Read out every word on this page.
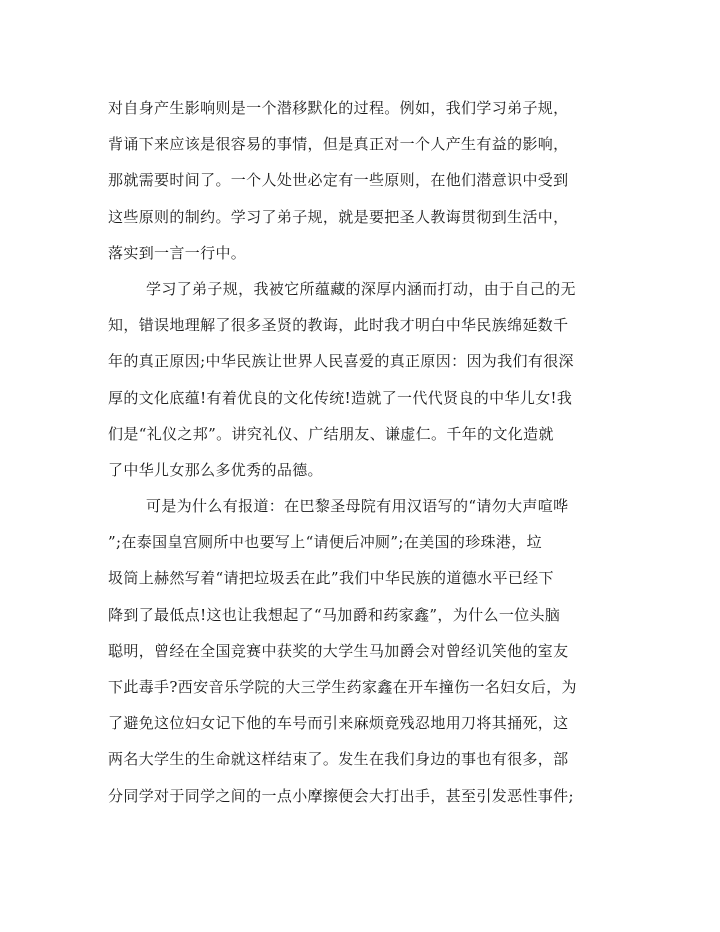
对自身产生影响则是一个潜移默化的过程。例如，我们学习弟子规，
背诵下来应该是很容易的事情，但是真正对一个人产生有益的影响，
那就需要时间了。一个人处世必定有一些原则，在他们潜意识中受到
这些原则的制约。学习了弟子规，就是要把圣人教诲贯彻到生活中，
落实到一言一行中。
学习了弟子规，我被它所蕴藏的深厚内涵而打动，由于自己的无
知，错误地理解了很多圣贤的教诲，此时我才明白中华民族绵延数千
年的真正原因;中华民族让世界人民喜爱的真正原因：因为我们有很深
厚的文化底蕴!有着优良的文化传统!造就了一代代贤良的中华儿女!我
们是“礼仪之邦”。讲究礼仪、广结朋友、谦虚仁。千年的文化造就
了中华儿女那么多优秀的品德。
可是为什么有报道：在巴黎圣母院有用汉语写的“请勿大声喧哗
”;在泰国皇宫厕所中也要写上“请便后冲厕”;在美国的珍珠港，垃
圾筒上赫然写着“请把垃圾丢在此”我们中华民族的道德水平已经下
降到了最低点!这也让我想起了“马加爵和药家鑫”，为什么一位头脑
聪明，曾经在全国竞赛中获奖的大学生马加爵会对曾经讥笑他的室友
下此毒手?西安音乐学院的大三学生药家鑫在开车撞伤一名妇女后，为
了避免这位妇女记下他的车号而引来麻烦竟残忍地用刀将其捅死，这
两名大学生的生命就这样结束了。发生在我们身边的事也有很多，部
分同学对于同学之间的一点小摩擦便会大打出手，甚至引发恶性事件;
